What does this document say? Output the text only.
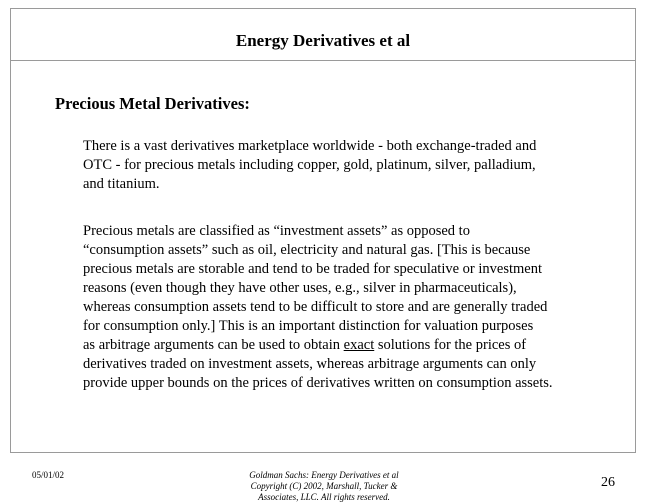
Energy Derivatives et al
Precious Metal Derivatives:
There is a vast derivatives marketplace worldwide - both exchange-traded and
OTC - for precious metals including copper, gold, platinum, silver, palladium,
and titanium.
Precious metals are classified as “investment assets” as opposed to
“consumption assets” such as oil, electricity and natural gas. [This is because
precious metals are storable and tend to be traded for speculative or investment
reasons (even though they have other uses, e.g., silver in pharmaceuticals),
whereas consumption assets tend to be difficult to store and are generally traded
for consumption only.] This is an important distinction for valuation purposes
as arbitrage arguments can be used to obtain exact solutions for the prices of
derivatives traded on investment assets, whereas arbitrage arguments can only
provide upper bounds on the prices of derivatives written on consumption assets.
05/01/02	Goldman Sachs: Energy Derivatives et al
Copyright (C) 2002, Marshall, Tucker &
Associates, LLC. All rights reserved.
26
